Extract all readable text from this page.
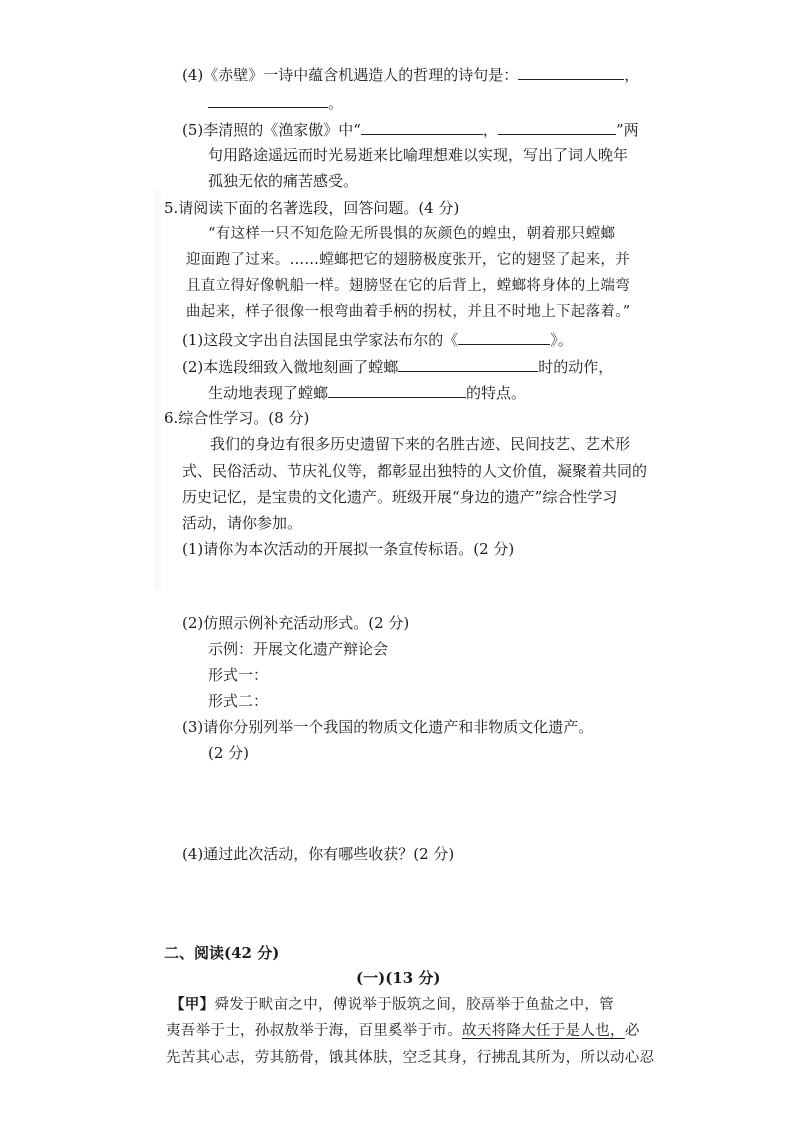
(4)《赤壁》一诗中蕴含机遇造人的哲理的诗句是：	，
。
(5)李清照的《渔家傲》中“	，	”两
句用路途遥远而时光易逝来比喻理想难以实现，写出了词人晚年
孤独无依的痛苦感受。
5.请阅读下面的名著选段，回答问题。(4 分)
“有这样一只不知危险无所畏惧的灰颜色的蝗虫，朝着那只螳螂
迎面跑了过来。……螳螂把它的翅膀极度张开，它的翅竖了起来，并
且直立得好像帆船一样。翅膀竖在它的后背上，螳螂将身体的上端弯
曲起来，样子很像一根弯曲着手柄的拐杖，并且不时地上下起落着。”
(1)这段文字出自法国昆虫学家法布尔的《	》。
(2)本选段细致入微地刻画了螳螂	时的动作，
生动地表现了螳螂	的特点。
6.综合性学习。(8 分)
我们的身边有很多历史遗留下来的名胜古迹、民间技艺、艺术形
式、民俗活动、节庆礼仪等，都彰显出独特的人文价值，凝聚着共同的
历史记忆，是宝贵的文化遗产。班级开展“身边的遗产”综合性学习
活动，请你参加。
(1)请你为本次活动的开展拟一条宣传标语。(2 分)
(2)仿照示例补充活动形式。(2 分)
示例：开展文化遗产辩论会
形式一：
形式二：
(3)请你分别列举一个我国的物质文化遗产和非物质文化遗产。
(2 分)
(4)通过此次活动，你有哪些收获？(2 分)
二、阅读(42 分)
(一)(13 分)
【甲】舜发于畎亩之中，傅说举于版筑之间，胶鬲举于鱼盐之中，管
夷吾举于士，孙叔敖举于海，百里奚举于市。故天将降大任于是人也，必
先苦其心志，劳其筋骨，饿其体肤，空乏其身，行拂乱其所为，所以动心忍
